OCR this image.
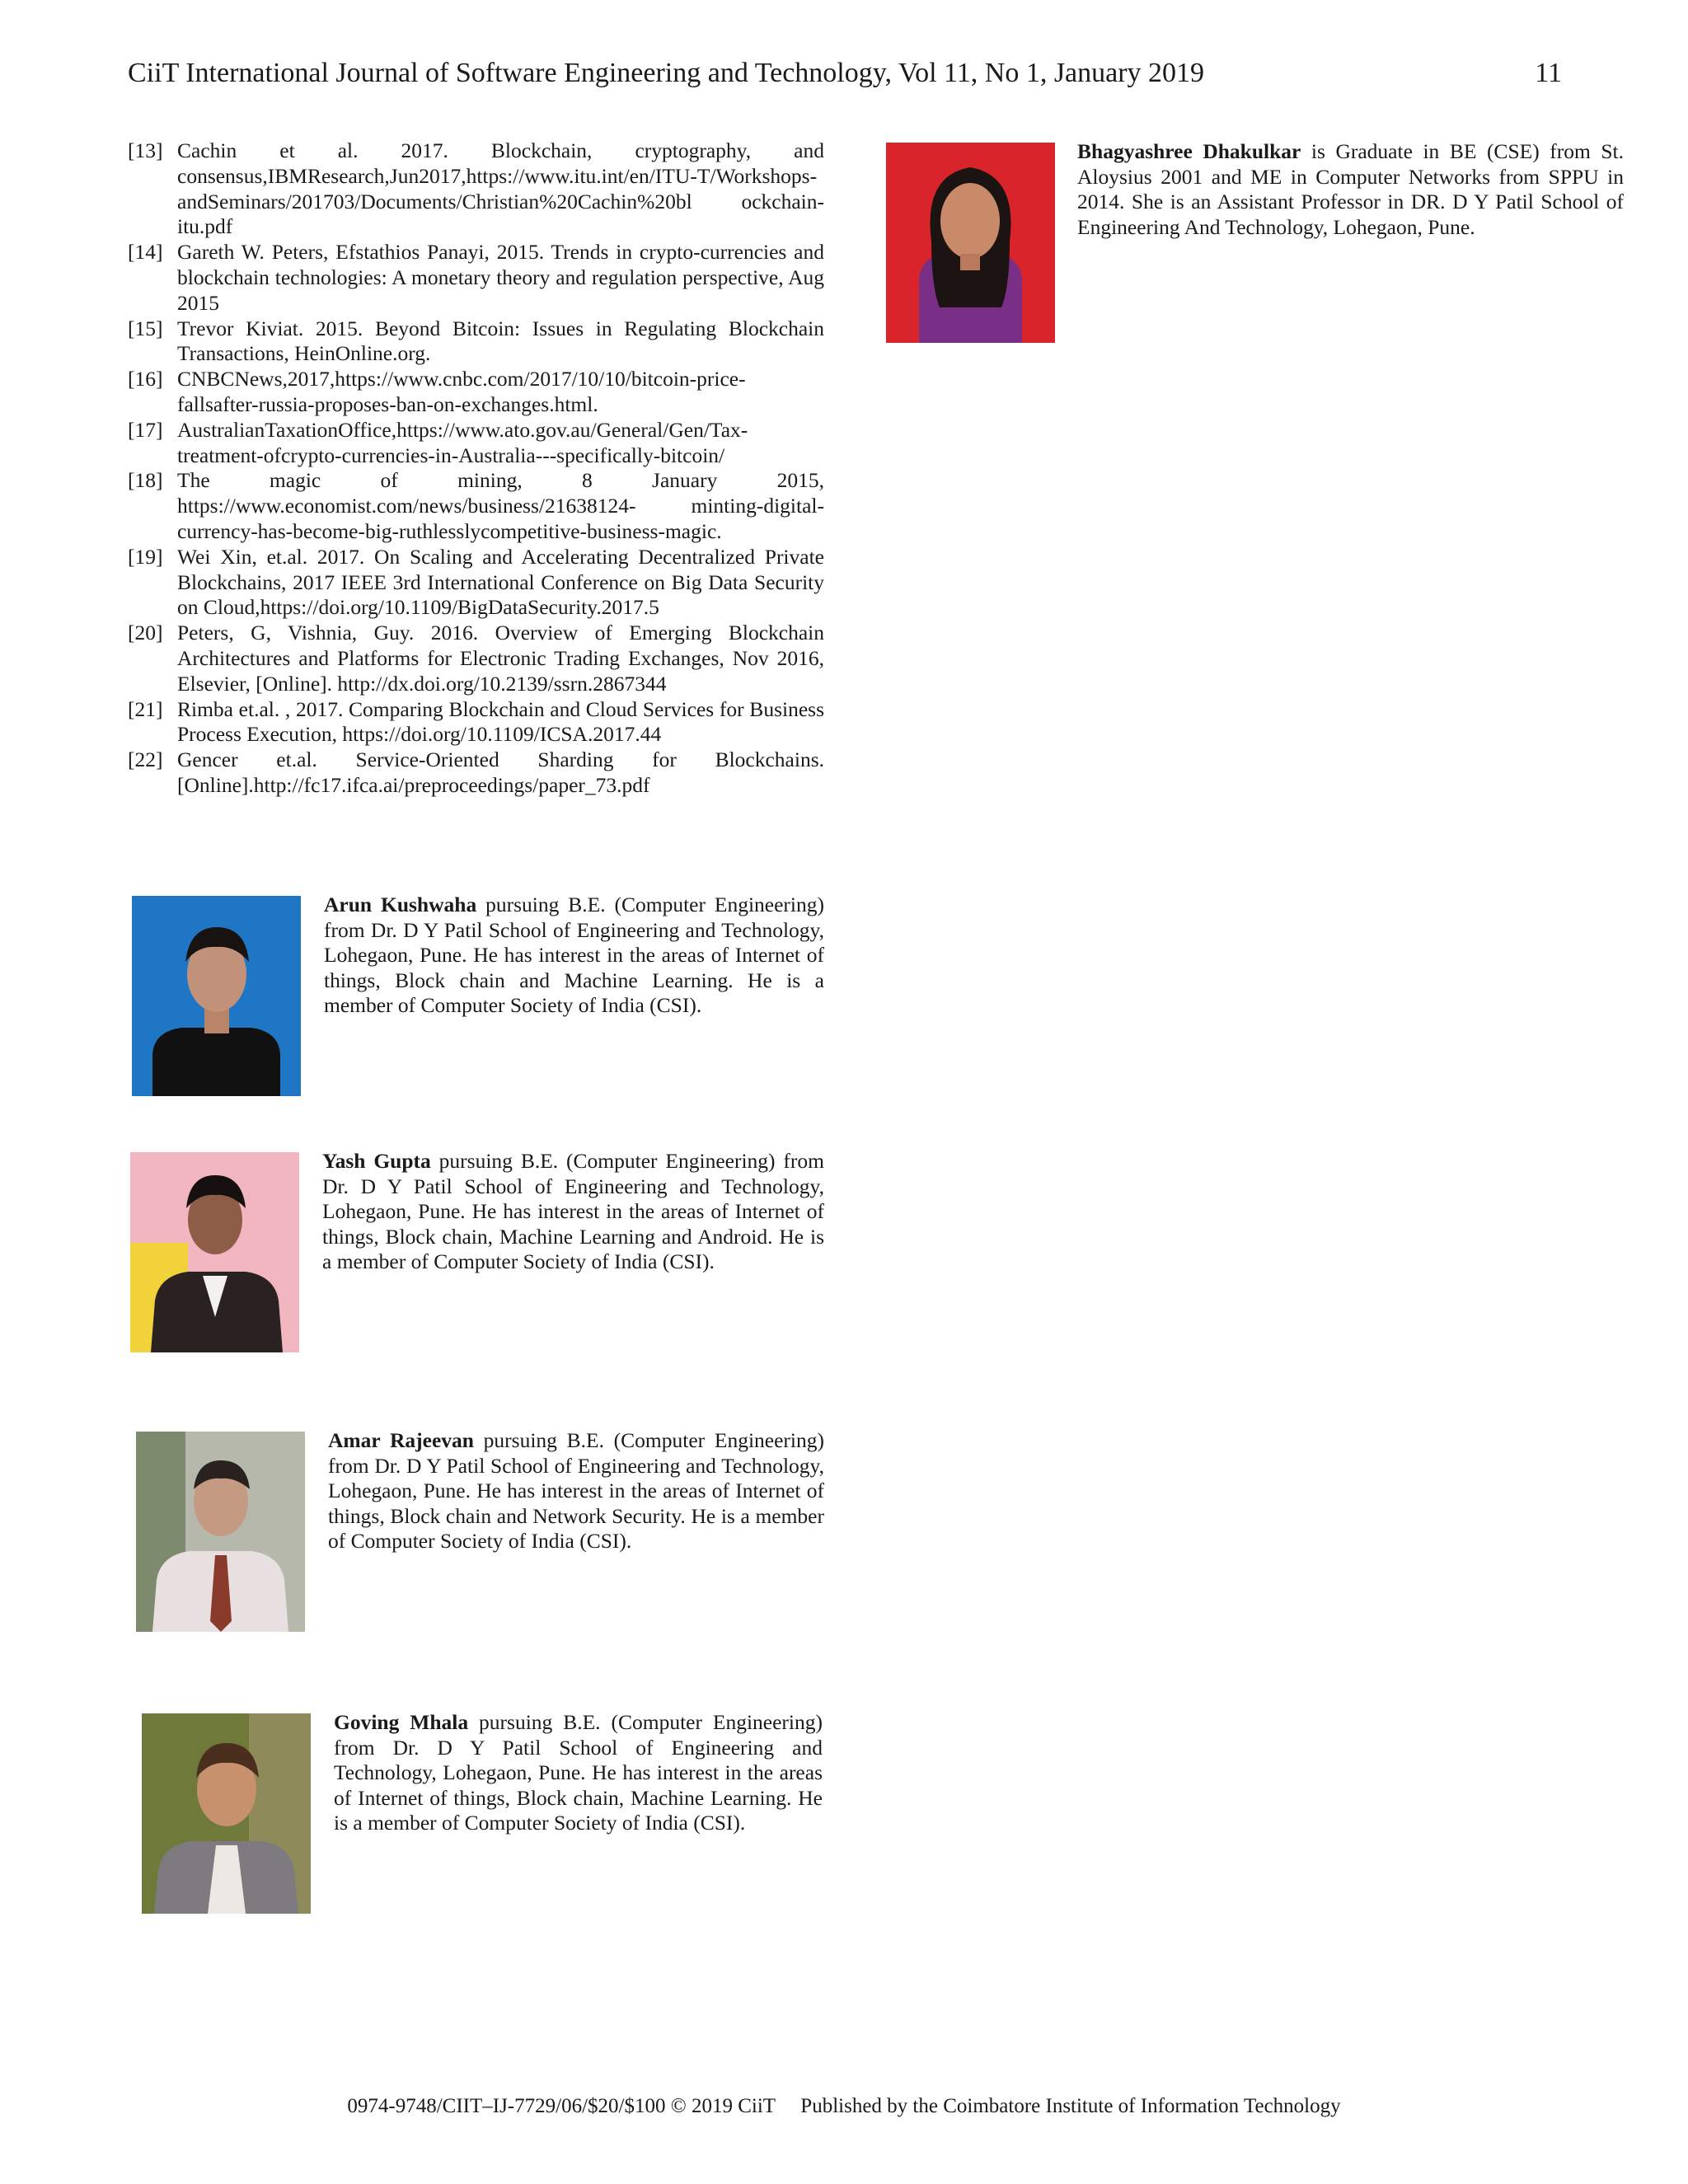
CiiT International Journal of Software Engineering and Technology, Vol 11, No 1, January 2019	11
[13] Cachin et al. 2017. Blockchain, cryptography, and consensus,IBMResearch,Jun2017,https://www.itu.int/en/ITU-T/Workshops-andSeminars/201703/Documents/Christian%20Cachin%20bl ockchain-itu.pdf
[14] Gareth W. Peters, Efstathios Panayi, 2015. Trends in crypto-currencies and blockchain technologies: A monetary theory and regulation perspective, Aug 2015
[15] Trevor Kiviat. 2015. Beyond Bitcoin: Issues in Regulating Blockchain Transactions, HeinOnline.org.
[16] CNBCNews,2017,https://www.cnbc.com/2017/10/10/bitcoin-price-fallsafter-russia-proposes-ban-on-exchanges.html.
[17] AustralianTaxationOffice,https://www.ato.gov.au/General/Gen/Tax-treatment-ofcrypto-currencies-in-Australia---specifically-bitcoin/
[18] The magic of mining, 8 January 2015, https://www.economist.com/news/business/21638124- minting-digital-currency-has-become-big-ruthlesslycompetitive-business-magic.
[19] Wei Xin, et.al. 2017. On Scaling and Accelerating Decentralized Private Blockchains, 2017 IEEE 3rd International Conference on Big Data Security on Cloud,https://doi.org/10.1109/BigDataSecurity.2017.5
[20] Peters, G, Vishnia, Guy. 2016. Overview of Emerging Blockchain Architectures and Platforms for Electronic Trading Exchanges, Nov 2016, Elsevier, [Online]. http://dx.doi.org/10.2139/ssrn.2867344
[21] Rimba et.al. , 2017. Comparing Blockchain and Cloud Services for Business Process Execution, https://doi.org/10.1109/ICSA.2017.44
[22] Gencer et.al. Service-Oriented Sharding for Blockchains.[Online].http://fc17.ifca.ai/preproceedings/paper_73.pdf
Bhagyashree Dhakulkar is Graduate in BE (CSE) from St. Aloysius 2001 and ME in Computer Networks from SPPU in 2014. She is an Assistant Professor in DR. D Y Patil School of Engineering And Technology, Lohegaon, Pune.
Arun Kushwaha pursuing B.E. (Computer Engineering) from Dr. D Y Patil School of Engineering and Technology, Lohegaon, Pune. He has interest in the areas of Internet of things, Block chain and Machine Learning. He is a member of Computer Society of India (CSI).
Yash Gupta pursuing B.E. (Computer Engineering) from Dr. D Y Patil School of Engineering and Technology, Lohegaon, Pune. He has interest in the areas of Internet of things, Block chain, Machine Learning and Android. He is a member of Computer Society of India (CSI).
Amar Rajeevan pursuing B.E. (Computer Engineering) from Dr. D Y Patil School of Engineering and Technology, Lohegaon, Pune. He has interest in the areas of Internet of things, Block chain and Network Security. He is a member of Computer Society of India (CSI).
Goving Mhala pursuing B.E. (Computer Engineering) from Dr. D Y Patil School of Engineering and Technology, Lohegaon, Pune. He has interest in the areas of Internet of things, Block chain, Machine Learning. He is a member of Computer Society of India (CSI).
0974-9748/CIIT–IJ-7729/06/$20/$100 © 2019 CiiT Published by the Coimbatore Institute of Information Technology
